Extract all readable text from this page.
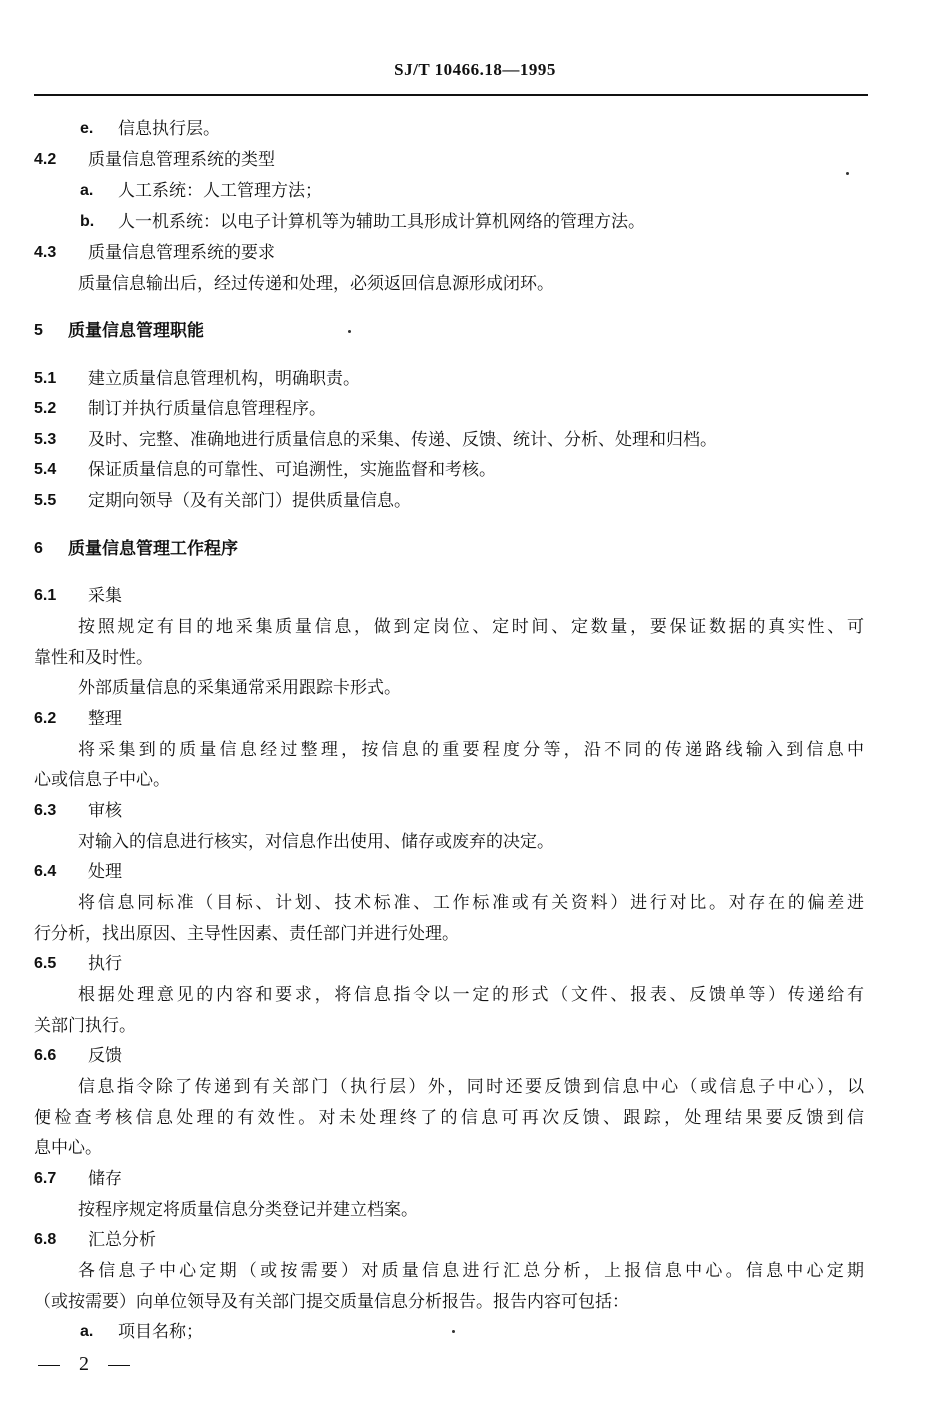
SJ/T 10466.18—1995
e. 信息执行层。
4.2 质量信息管理系统的类型
a. 人工系统：人工管理方法；
b. 人一机系统：以电子计算机等为辅助工具形成计算机网络的管理方法。
4.3 质量信息管理系统的要求
质量信息输出后，经过传递和处理，必须返回信息源形成闭环。
5 质量信息管理职能
5.1 建立质量信息管理机构，明确职责。
5.2 制订并执行质量信息管理程序。
5.3 及时、完整、准确地进行质量信息的采集、传递、反馈、统计、分析、处理和归档。
5.4 保证质量信息的可靠性、可追溯性，实施监督和考核。
5.5 定期向领导（及有关部门）提供质量信息。
6 质量信息管理工作程序
6.1 采集
按照规定有目的地采集质量信息，做到定岗位、定时间、定数量，要保证数据的真实性、可
靠性和及时性。
外部质量信息的采集通常采用跟踪卡形式。
6.2 整理
将采集到的质量信息经过整理，按信息的重要程度分等，沿不同的传递路线输入到信息中
心或信息子中心。
6.3 审核
对输入的信息进行核实，对信息作出使用、储存或废弃的决定。
6.4 处理
将信息同标准（目标、计划、技术标准、工作标准或有关资料）进行对比。对存在的偏差进
行分析，找出原因、主导性因素、责任部门并进行处理。
6.5 执行
根据处理意见的内容和要求，将信息指令以一定的形式（文件、报表、反馈单等）传递给有
关部门执行。
6.6 反馈
信息指令除了传递到有关部门（执行层）外，同时还要反馈到信息中心（或信息子中心），以
便检查考核信息处理的有效性。对未处理终了的信息可再次反馈、跟踪，处理结果要反馈到信
息中心。
6.7 储存
按程序规定将质量信息分类登记并建立档案。
6.8 汇总分析
各信息子中心定期（或按需要）对质量信息进行汇总分析，上报信息中心。信息中心定期
（或按需要）向单位领导及有关部门提交质量信息分析报告。报告内容可包括：
a. 项目名称；
2
